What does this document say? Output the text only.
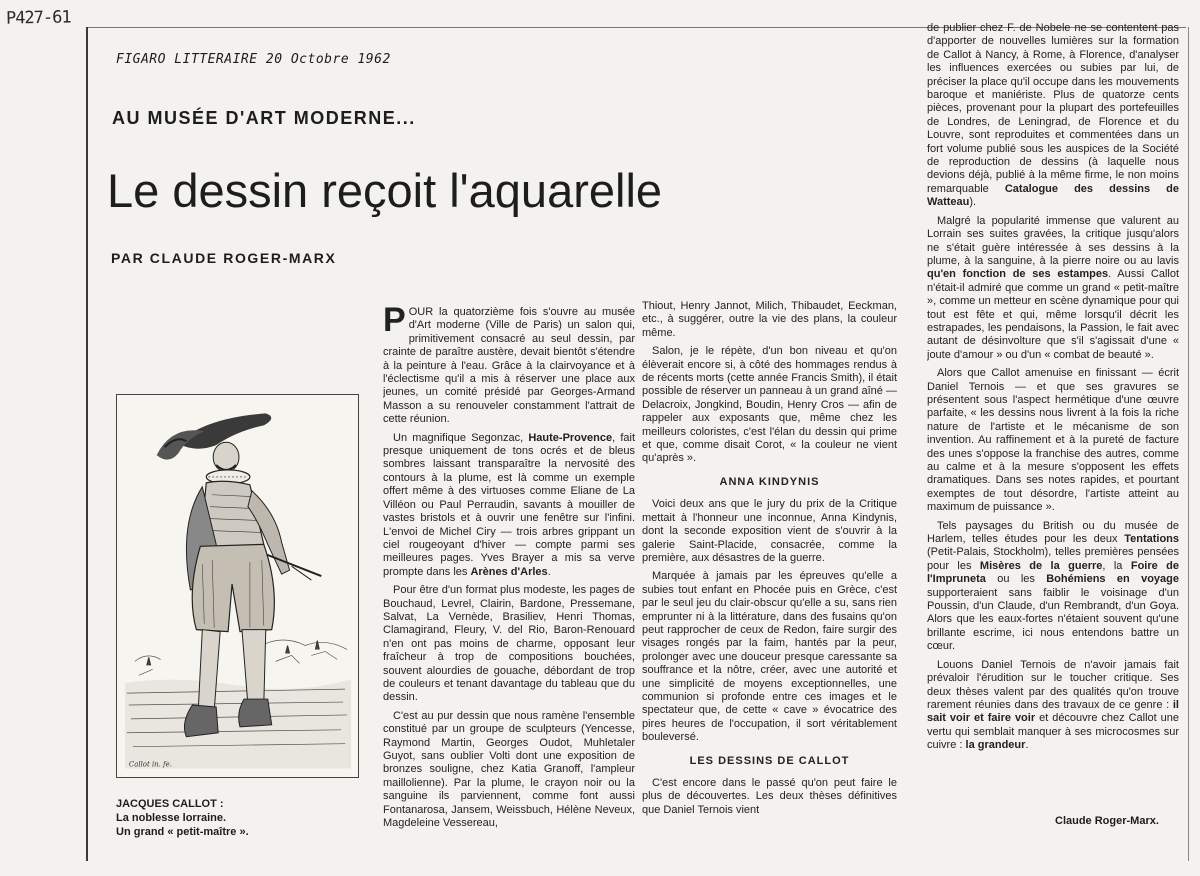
P427-61
FIGARO LITTERAIRE 20 Octobre 1962
AU MUSÉE D'ART MODERNE...
Le dessin reçoit l'aquarelle
PAR CLAUDE ROGER-MARX
Callot in. fe.
JACQUES CALLOT :
La noblesse lorraine.
Un grand « petit-maître ».

POUR la quatorzième fois s'ouvre au musée d'Art moderne (Ville de Paris) un salon qui, primitivement consacré au seul dessin, par crainte de paraître austère, devait bientôt s'étendre à la peinture à l'eau. Grâce à la clairvoyance et à l'éclectisme qu'il a mis à réserver une place aux jeunes, un comité présidé par Georges-Armand Masson a su renouveler constamment l'attrait de cette réunion.

Un magnifique Segonzac, Haute-Provence, fait presque uniquement de tons ocrés et de bleus sombres laissant transparaître la nervosité des contours à la plume, est là comme un exemple offert même à des virtuoses comme Eliane de La Villéon ou Paul Perraudin, savants à mouiller de vastes bristols et à ouvrir une fenêtre sur l'infini. L'envoi de Michel Ciry — trois arbres grippant un ciel rougeoyant d'hiver — compte parmi ses meilleures pages. Yves Brayer a mis sa verve prompte dans les Arènes d'Arles.

Pour être d'un format plus modeste, les pages de Bouchaud, Levrel, Clairin, Bardone, Pressemane, Salvat, La Vernède, Brasiliev, Henri Thomas, Clamagirand, Fleury, V. del Rio, Baron-Renouard n'en ont pas moins de charme, opposant leur fraîcheur à trop de compositions bouchées, souvent alourdies de gouache, débordant de trop de couleurs et tenant davantage du tableau que du dessin.

C'est au pur dessin que nous ramène l'ensemble constitué par un groupe de sculpteurs (Yencesse, Raymond Martin, Georges Oudot, Muhletaler Guyot, sans oublier Volti dont une exposition de bronzes souligne, chez Katia Granoff, l'ampleur maillolienne). Par la plume, le crayon noir ou la sanguine ils parviennent, comme font aussi Fontanarosa, Jansem, Weissbuch, Hélène Neveux, Magdeleine Vessereau,

Thiout, Henry Jannot, Milich, Thibaudet, Eeckman, etc., à suggérer, outre la vie des plans, la couleur même.

Salon, je le répète, d'un bon niveau et qu'on élèverait encore si, à côté des hommages rendus à de récents morts (cette année Francis Smith), il était possible de réserver un panneau à un grand aîné — Delacroix, Jongkind, Boudin, Henry Cros — afin de rappeler aux exposants que, même chez les meilleurs coloristes, c'est l'élan du dessin qui prime et que, comme disait Corot, « la couleur ne vient qu'après ».

ANNA KINDYNIS

Voici deux ans que le jury du prix de la Critique mettait à l'honneur une inconnue, Anna Kindynis, dont la seconde exposition vient de s'ouvrir à la galerie Saint-Placide, consacrée, comme la première, aux désastres de la guerre.

Marquée à jamais par les épreuves qu'elle a subies tout enfant en Phocée puis en Grèce, c'est par le seul jeu du clair-obscur qu'elle a su, sans rien emprunter ni à la littérature, dans des fusains qu'on peut rapprocher de ceux de Redon, faire surgir des visages rongés par la faim, hantés par la peur, prolonger avec une douceur presque caressante sa souffrance et la nôtre, créer, avec une autorité et une simplicité de moyens exceptionnelles, une communion si profonde entre ces images et le spectateur que, de cette « cave » évocatrice des pires heures de l'occupation, il sort véritablement bouleversé.

LES DESSINS DE CALLOT

C'est encore dans le passé qu'on peut faire le plus de découvertes. Les deux thèses définitives que Daniel Ternois vient

de publier chez F. de Nobele ne se contentent pas d'apporter de nouvelles lumières sur la formation de Callot à Nancy, à Rome, à Florence, d'analyser les influences exercées ou subies par lui, de préciser la place qu'il occupe dans les mouvements baroque et maniériste. Plus de quatorze cents pièces, provenant pour la plupart des portefeuilles de Londres, de Leningrad, de Florence et du Louvre, sont reproduites et commentées dans un fort volume publié sous les auspices de la Société de reproduction de dessins (à laquelle nous devions déjà, publié à la même firme, le non moins remarquable Catalogue des dessins de Watteau).

Malgré la popularité immense que valurent au Lorrain ses suites gravées, la critique jusqu'alors ne s'était guère intéressée à ses dessins à la plume, à la sanguine, à la pierre noire ou au lavis qu'en fonction de ses estampes. Aussi Callot n'était-il admiré que comme un grand « petit-maître », comme un metteur en scène dynamique pour qui tout est fête et qui, même lorsqu'il décrit les estrapades, les pendaisons, la Passion, le fait avec autant de désinvolture que s'il s'agissait d'une « joute d'amour » ou d'un « combat de beauté ».

Alors que Callot amenuise en finissant — écrit Daniel Ternois — et que ses gravures se présentent sous l'aspect hermétique d'une œuvre parfaite, « les dessins nous livrent à la fois la riche nature de l'artiste et le mécanisme de son invention. Au raffinement et à la pureté de facture des unes s'oppose la franchise des autres, comme au calme et à la mesure s'opposent les effets dramatiques. Dans ses notes rapides, et pourtant exemptes de tout désordre, l'artiste atteint au maximum de puissance ».

Tels paysages du British ou du musée de Harlem, telles études pour les deux Tentations (Petit-Palais, Stockholm), telles premières pensées pour les Misères de la guerre, la Foire de l'Impruneta ou les Bohémiens en voyage supporteraient sans faiblir le voisinage d'un Poussin, d'un Claude, d'un Rembrandt, d'un Goya. Alors que les eaux-fortes n'étaient souvent qu'une brillante escrime, ici nous entendons battre un cœur.

Louons Daniel Ternois de n'avoir jamais fait prévaloir l'érudition sur le toucher critique. Ses deux thèses valent par des qualités qu'on trouve rarement réunies dans des travaux de ce genre : il sait voir et faire voir et découvre chez Callot une vertu qui semblait manquer à ses microcosmes sur cuivre : la grandeur.

Claude Roger-Marx.
